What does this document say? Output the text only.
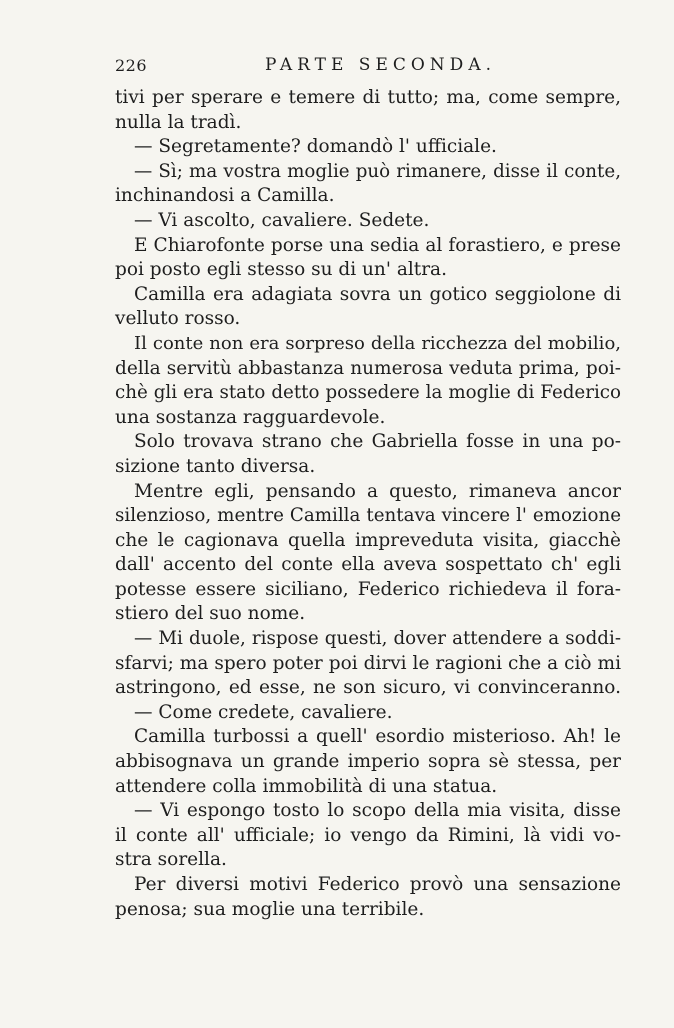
226	PARTE SECONDA.
tivi per sperare e temere di tutto; ma, come sempre,
nulla la tradì.
— Segretamente? domandò l' ufficiale.
— Sì; ma vostra moglie può rimanere, disse il conte,
inchinandosi a Camilla.
— Vi ascolto, cavaliere. Sedete.
E Chiarofonte porse una sedia al forastiero, e prese
poi posto egli stesso su di un' altra.
Camilla era adagiata sovra un gotico seggiolone di
velluto rosso.
Il conte non era sorpreso della ricchezza del mobilio,
della servitù abbastanza numerosa veduta prima, poi-
chè gli era stato detto possedere la moglie di Federico
una sostanza ragguardevole.
Solo trovava strano che Gabriella fosse in una po-
sizione tanto diversa.
Mentre egli, pensando a questo, rimaneva ancor
silenzioso, mentre Camilla tentava vincere l' emozione
che le cagionava quella impreveduta visita, giacchè
dall' accento del conte ella aveva sospettato ch' egli
potesse essere siciliano, Federico richiedeva il fora-
stiero del suo nome.
— Mi duole, rispose questi, dover attendere a soddi-
sfarvi; ma spero poter poi dirvi le ragioni che a ciò mi
astringono, ed esse, ne son sicuro, vi convinceranno.
— Come credete, cavaliere.
Camilla turbossi a quell' esordio misterioso. Ah! le
abbisognava un grande imperio sopra sè stessa, per
attendere colla immobilità di una statua.
— Vi espongo tosto lo scopo della mia visita, disse
il conte all' ufficiale; io vengo da Rimini, là vidi vo-
stra sorella.
Per diversi motivi Federico provò una sensazione
penosa; sua moglie una terribile.
